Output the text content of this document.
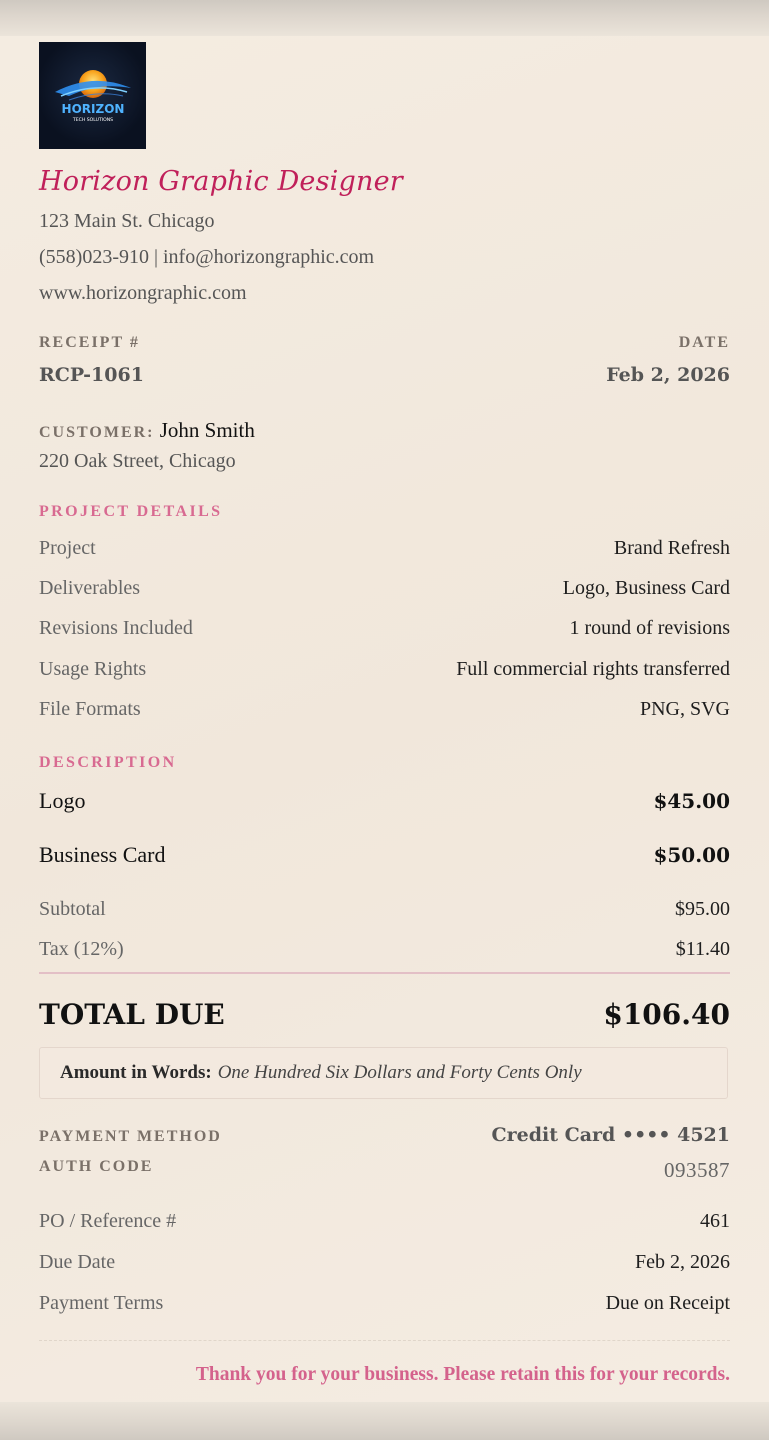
HORIZON
TECH SOLUTIONS
Horizon Graphic Designer
123 Main St. Chicago
(558)023-910 | info@horizongraphic.com
www.horizongraphic.com
RECEIPT #	DATE
RCP-1061	Feb 2, 2026
CUSTOMER: John Smith
220 Oak Street, Chicago
PROJECT DETAILS
Project	Brand Refresh
Deliverables	Logo, Business Card
Revisions Included	1 round of revisions
Usage Rights	Full commercial rights transferred
File Formats	PNG, SVG
DESCRIPTION
Logo	$45.00
Business Card	$50.00
Subtotal	$95.00
Tax (12%)	$11.40
TOTAL DUE	$106.40
Amount in Words: One Hundred Six Dollars and Forty Cents Only
PAYMENT METHOD	Credit Card •••• 4521
AUTH CODE	093587
PO / Reference #	461
Due Date	Feb 2, 2026
Payment Terms	Due on Receipt
Thank you for your business. Please retain this for your records.
